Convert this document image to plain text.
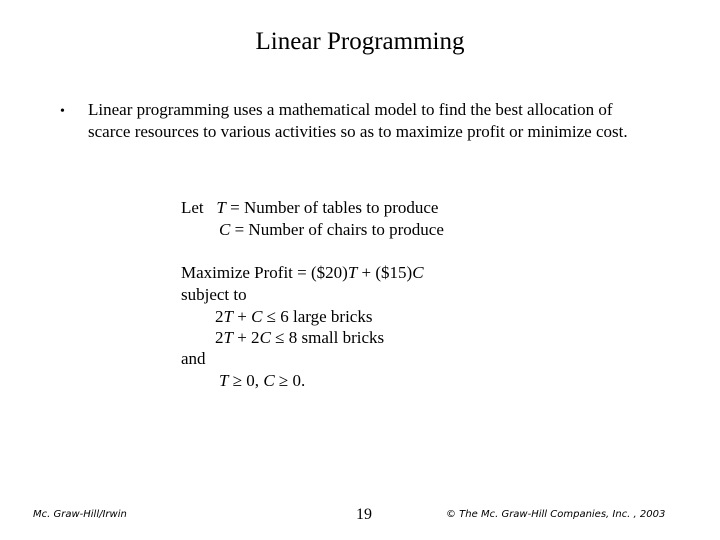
Linear Programming
• Linear programming uses a mathematical model to find the best allocation of
scarce resources to various activities so as to maximize profit or minimize cost.
Let T = Number of tables to produce
C = Number of chairs to produce
Maximize Profit = ($20)T + ($15)C
subject to
2T + C ≤ 6 large bricks
2T + 2C ≤ 8 small bricks
and
T ≥ 0, C ≥ 0.
Mc. Graw-Hill/Irwin	19	© The Mc. Graw-Hill Companies, Inc. , 2003
